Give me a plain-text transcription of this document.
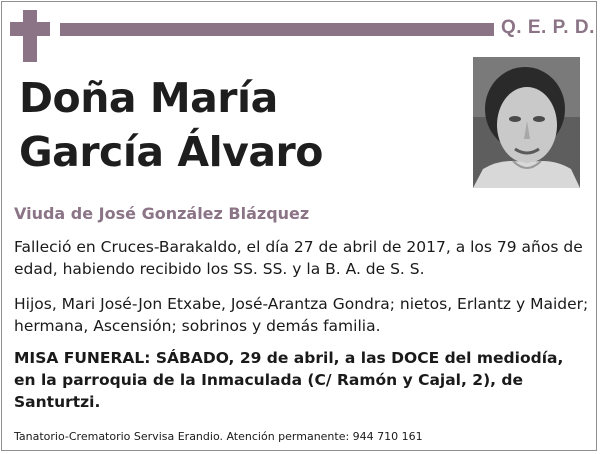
Q. E. P. D.
Doña María
García Álvaro
Viuda de José González Blázquez
Falleció en Cruces-Barakaldo, el día 27 de abril de 2017, a los 79 años de edad, habiendo recibido los SS. SS. y la B. A. de S. S.
Hijos, Mari José-Jon Etxabe, José-Arantza Gondra; nietos, Erlantz y Maider; hermana, Ascensión; sobrinos y demás familia.
MISA FUNERAL: SÁBADO, 29 de abril, a las DOCE del mediodía, en la parroquia de la Inmaculada (C/ Ramón y Cajal, 2), de Santurtzi.
Tanatorio-Crematorio Servisa Erandio. Atención permanente: 944 710 161
